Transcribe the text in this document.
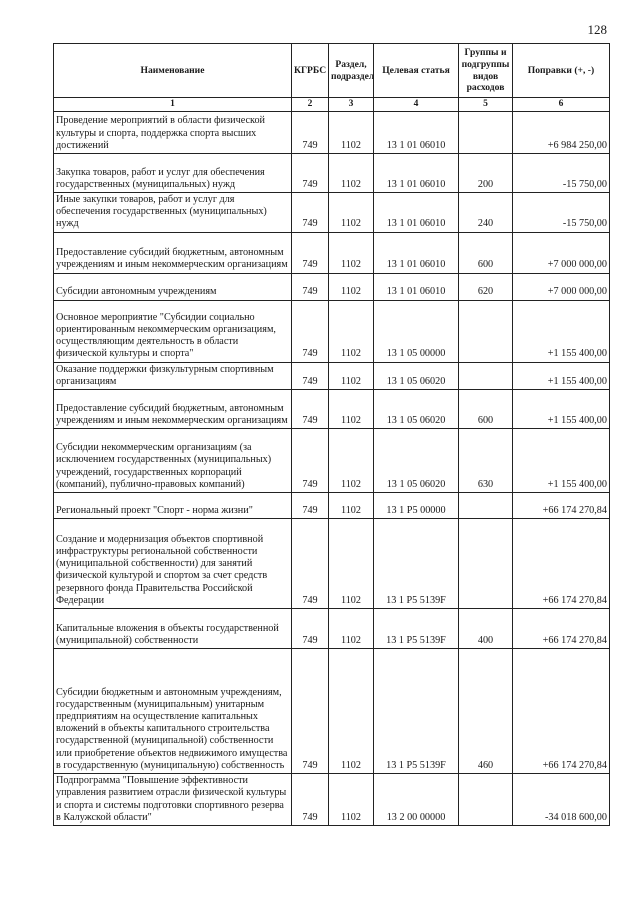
128
Наименование	КГРБС	Раздел, подраздел	Целевая статья	Группы и подгруппы видов расходов	Поправки (+, -)
1	2	3	4	5	6
Проведение мероприятий в области физической культуры и спорта, поддержка спорта высших достижений	749	1102	13 1 01 06010		+6 984 250,00
Закупка товаров, работ и услуг для обеспечения государственных (муниципальных) нужд	749	1102	13 1 01 06010	200	-15 750,00
Иные закупки товаров, работ и услуг для обеспечения государственных (муниципальных) нужд	749	1102	13 1 01 06010	240	-15 750,00
Предоставление субсидий бюджетным, автономным учреждениям и иным некоммерческим организациям	749	1102	13 1 01 06010	600	+7 000 000,00
Субсидии автономным учреждениям	749	1102	13 1 01 06010	620	+7 000 000,00
Основное мероприятие "Субсидии социально ориентированным некоммерческим организациям, осуществляющим деятельность в области физической культуры и спорта"	749	1102	13 1 05 00000		+1 155 400,00
Оказание поддержки физкультурным спортивным организациям	749	1102	13 1 05 06020		+1 155 400,00
Предоставление субсидий бюджетным, автономным учреждениям и иным некоммерческим организациям	749	1102	13 1 05 06020	600	+1 155 400,00
Субсидии некоммерческим организациям (за исключением государственных (муниципальных) учреждений, государственных корпораций (компаний), публично-правовых компаний)	749	1102	13 1 05 06020	630	+1 155 400,00
Региональный проект "Спорт - норма жизни"	749	1102	13 1 P5 00000		+66 174 270,84
Создание и модернизация объектов спортивной инфраструктуры региональной собственности (муниципальной собственности) для занятий физической культурой и спортом за счет средств резервного фонда Правительства Российской Федерации	749	1102	13 1 P5 5139F		+66 174 270,84
Капитальные вложения в объекты государственной (муниципальной) собственности	749	1102	13 1 P5 5139F	400	+66 174 270,84
Субсидии бюджетным и автономным учреждениям, государственным (муниципальным) унитарным предприятиям на осуществление капитальных вложений в объекты капитального строительства государственной (муниципальной) собственности или приобретение объектов недвижимого имущества в государственную (муниципальную) собственность	749	1102	13 1 P5 5139F	460	+66 174 270,84
Подпрограмма "Повышение эффективности управления развитием отрасли физической культуры и спорта и системы подготовки спортивного резерва в Калужской области"	749	1102	13 2 00 00000		-34 018 600,00
